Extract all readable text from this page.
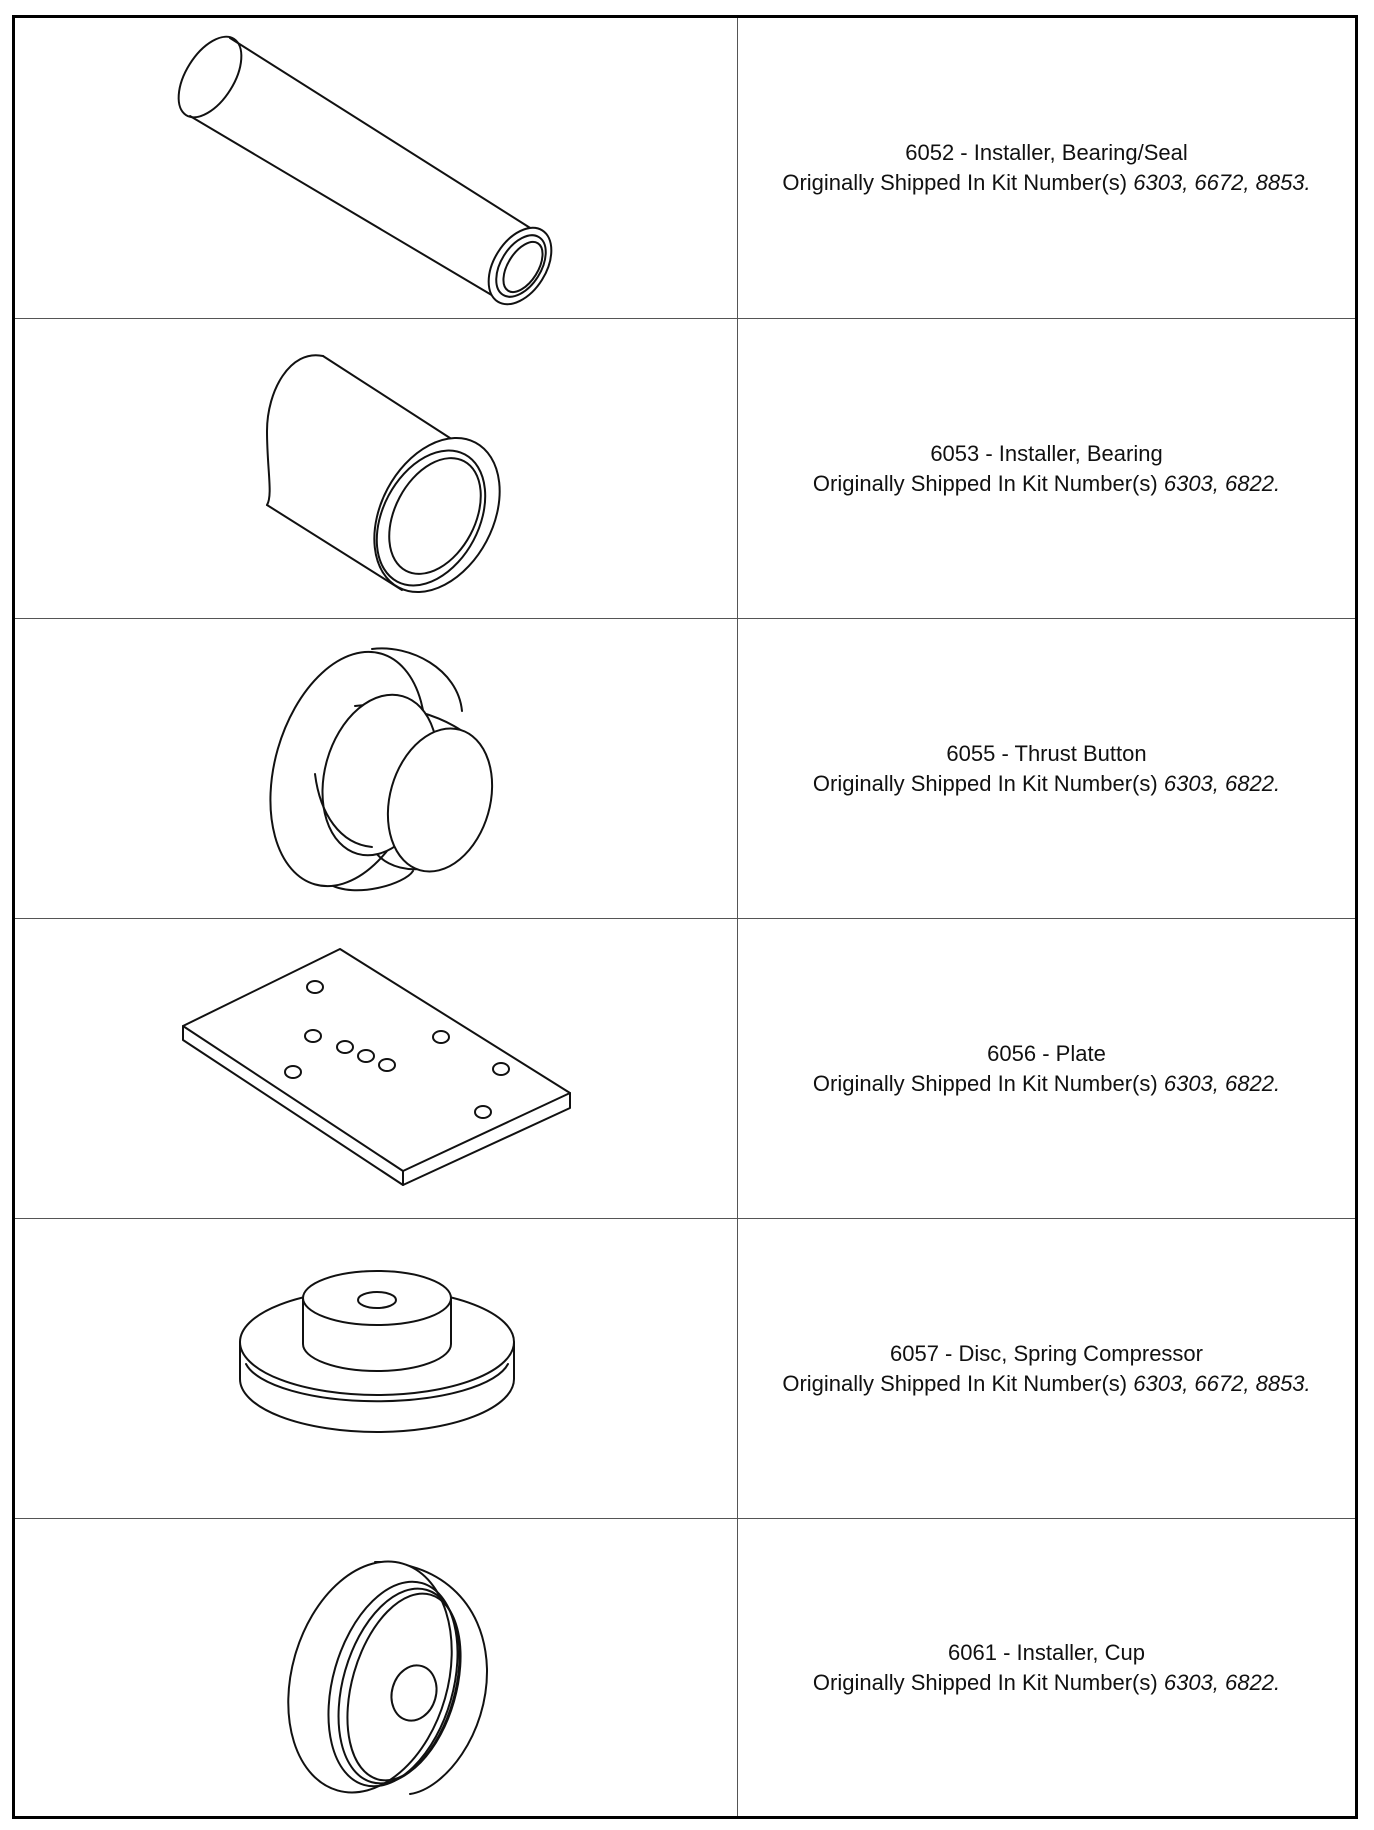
6052 - Installer, Bearing/Seal
Originally Shipped In Kit Number(s) 6303, 6672, 8853.
6053 - Installer, Bearing
Originally Shipped In Kit Number(s) 6303, 6822.
6055 - Thrust Button
Originally Shipped In Kit Number(s) 6303, 6822.
6056 - Plate
Originally Shipped In Kit Number(s) 6303, 6822.
6057 - Disc, Spring Compressor
Originally Shipped In Kit Number(s) 6303, 6672, 8853.
6061 - Installer, Cup
Originally Shipped In Kit Number(s) 6303, 6822.
